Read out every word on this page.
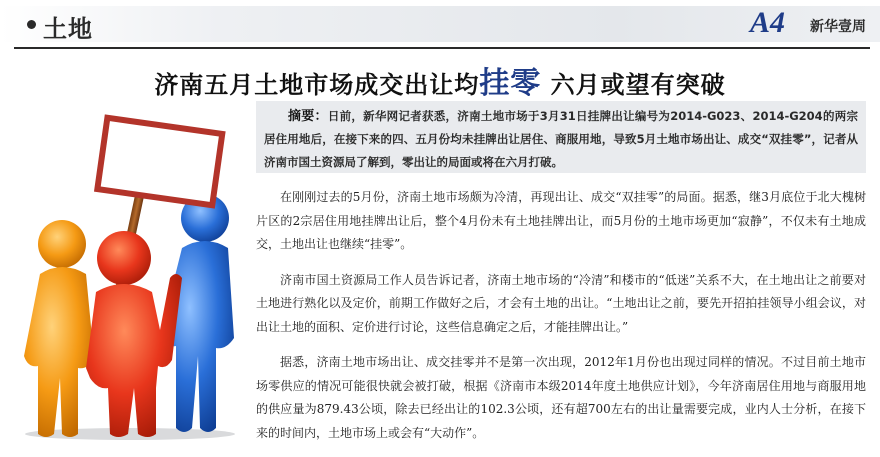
土地	A4 新华壹周
济南五月土地市场成交出让均挂零 六月或望有突破
摘要：日前，新华网记者获悉，济南土地市场于3月31日挂牌出让编号为2014-G023、2014-G204的两宗居住用地后，在接下来的四、五月份均未挂牌出让居住、商服用地，导致5月土地市场出让、成交“双挂零”，记者从济南市国土资源局了解到，零出让的局面或将在六月打破。

在刚刚过去的5月份，济南土地市场颇为冷清，再现出让、成交“双挂零”的局面。据悉，继3月底位于北大槐树片区的2宗居住用地挂牌出让后，整个4月份未有土地挂牌出让，而5月份的土地市场更加“寂静”，不仅未有土地成交，土地出让也继续“挂零”。

济南市国土资源局工作人员告诉记者，济南土地市场的“冷清”和楼市的“低迷”关系不大，在土地出让之前要对土地进行熟化以及定价，前期工作做好之后，才会有土地的出让。“土地出让之前，要先开招拍挂领导小组会议，对出让土地的面积、定价进行讨论，这些信息确定之后，才能挂牌出让。”

据悉，济南土地市场出让、成交挂零并不是第一次出现，2012年1月份也出现过同样的情况。不过目前土地市场零供应的情况可能很快就会被打破，根据《济南市本级2014年度土地供应计划》，今年济南居住用地与商服用地的供应量为879.43公顷，除去已经出让的102.3公顷，还有超700左右的出让量需要完成，业内人士分析，在接下来的时间内，土地市场上或会有“大动作”。
